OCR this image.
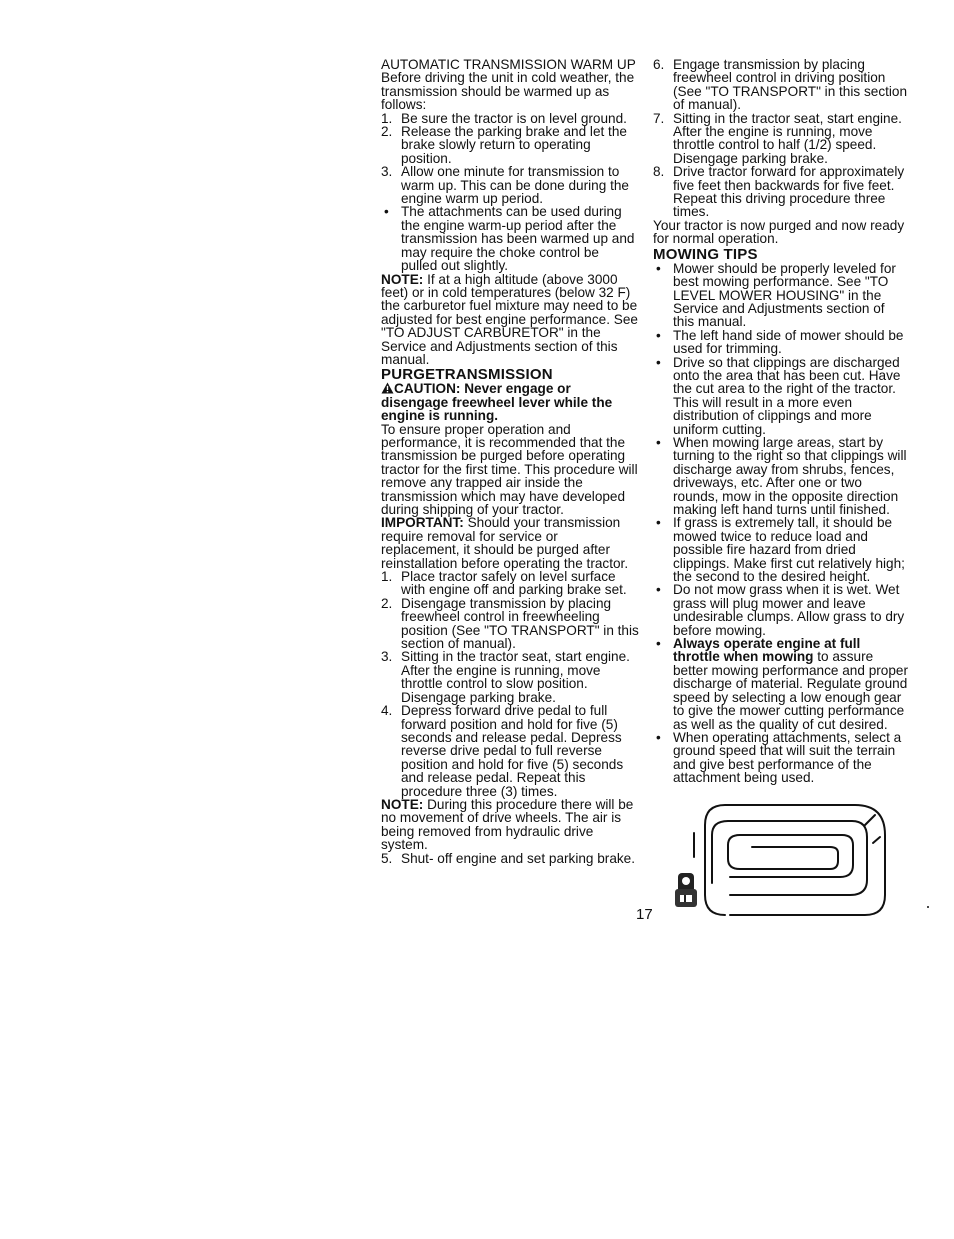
AUTOMATIC TRANSMISSION WARM UP

Before driving the unit in cold weather, the transmission should be warmed up as follows:

1. Be sure the tractor is on level ground.
2. Release the parking brake and let the brake slowly return to operating position.
3. Allow one minute for transmission to warm up. This can be done during the engine warm up period.
• The attachments can be used during the engine warm-up period after the transmission has been warmed up and may require the choke control be pulled out slightly.

NOTE: If at a high altitude (above 3000 feet) or in cold temperatures (below 32 F) the carburetor fuel mixture may need to be adjusted for best engine performance. See "TO ADJUST CARBURETOR" in the Service and Adjustments section of this manual.

PURGETRANSMISSION

CAUTION: Never engage or disengage freewheel lever while the engine is running.

To ensure proper operation and performance, it is recommended that the transmission be purged before operating tractor for the first time. This procedure will remove any trapped air inside the transmission which may have developed during shipping of your tractor.

IMPORTANT: Should your transmission require removal for service or replacement, it should be purged after reinstallation before operating the tractor.

1. Place tractor safely on level surface with engine off and parking brake set.
2. Disengage transmission by placing freewheel control in freewheeling position (See "TO TRANSPORT" in this section of manual).
3. Sitting in the tractor seat, start engine. After the engine is running, move throttle control to slow position. Disengage parking brake.
4. Depress forward drive pedal to full forward position and hold for five (5) seconds and release pedal. Depress reverse drive pedal to full reverse position and hold for five (5) seconds and release pedal. Repeat this procedure three (3) times.

NOTE: During this procedure there will be no movement of drive wheels. The air is being removed from hydraulic drive system.

5. Shut- off engine and set parking brake.
6. Engage transmission by placing freewheel control in driving position (See "TO TRANSPORT" in this section of manual).
7. Sitting in the tractor seat, start engine. After the engine is running, move throttle control to half (1/2) speed. Disengage parking brake.
8. Drive tractor forward for approximately five feet then backwards for five feet. Repeat this driving procedure three times.

Your tractor is now purged and now ready for normal operation.

MOWING TIPS

• Mower should be properly leveled for best mowing performance. See "TO LEVEL MOWER HOUSING" in the Service and Adjustments section of this manual.
• The left hand side of mower should be used for trimming.
• Drive so that clippings are discharged onto the area that has been cut. Have the cut area to the right of the tractor. This will result in a more even distribution of clippings and more uniform cutting.
• When mowing large areas, start by turning to the right so that clippings will discharge away from shrubs, fences, driveways, etc. After one or two rounds, mow in the opposite direction making left hand turns until finished.
• If grass is extremely tall, it should be mowed twice to reduce load and possible fire hazard from dried clippings. Make first cut relatively high; the second to the desired height.
• Do not mow grass when it is wet. Wet grass will plug mower and leave undesirable clumps. Allow grass to dry before mowing.
• Always operate engine at full throttle when mowing to assure better mowing performance and proper discharge of material. Regulate ground speed by selecting a low enough gear to give the mower cutting performance as well as the quality of cut desired.
• When operating attachments, select a ground speed that will suit the terrain and give best performance of the attachment being used.
17
